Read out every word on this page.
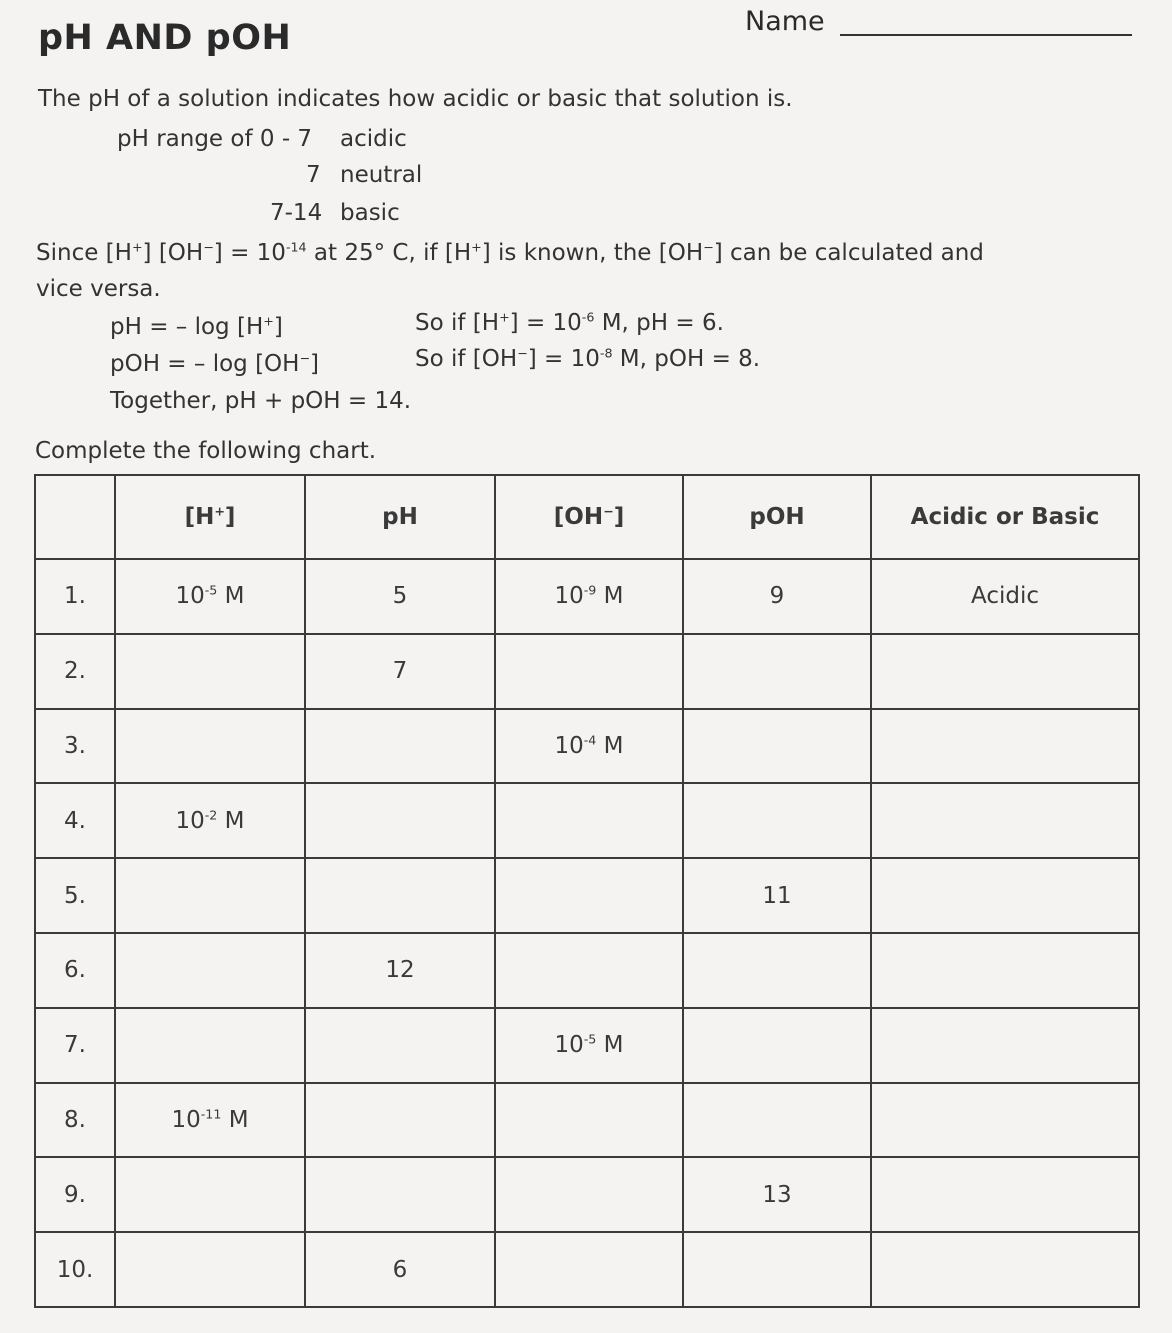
pH AND pOH	Name
The pH of a solution indicates how acidic or basic that solution is.
pH range of 0 - 7 acidic
7 neutral
7-14 basic
Since [H+] $[OH^-] = 10^{-14}$ at 25° C, if [H+] is known, the [OH−] can be calculated and
vice versa.
pH = – log [H+]
pOH = – log [OH−]
Together, pH + pOH = 14.
So if $[H^+] = 10^{-6}$ M, pH = 6.
So if $[OH^-] = 10^{-8}$ M, pOH = 8.
Complete the following chart.
	[H+]	pH	[OH−]	pOH	Acidic or Basic
1.	$10^{-5}$ M	5	$10^{-9}$ M	9	Acidic
2.		7			
3.			$10^{-4}$ M		
4.	$10^{-2}$ M				
5.				11	
6.		12			
7.			$10^{-5}$ M		
8.	$10^{-11}$ M				
9.				13	
10.		6			
